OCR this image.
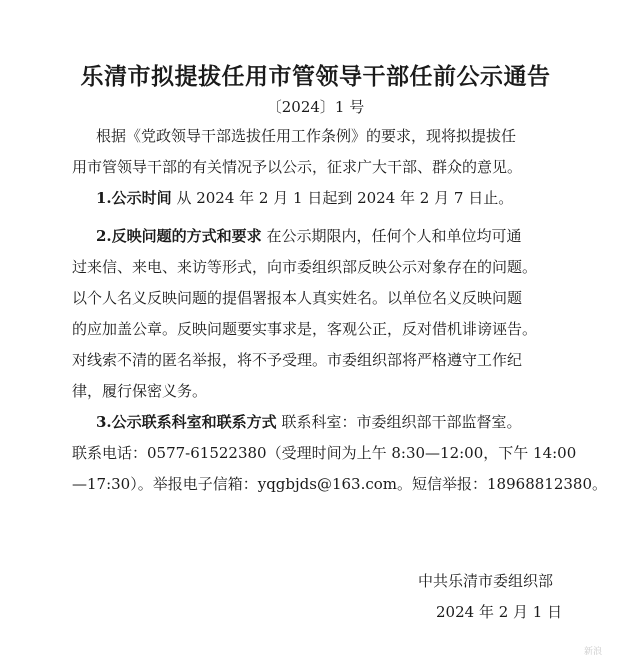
乐清市拟提拔任用市管领导干部任前公示通告
〔2024〕1 号
根据《党政领导干部选拔任用工作条例》的要求，现将拟提拔任
用市管领导干部的有关情况予以公示，征求广大干部、群众的意见。
1.公示时间 从 2024 年 2 月 1 日起到 2024 年 2 月 7 日止。
2.反映问题的方式和要求 在公示期限内，任何个人和单位均可通
过来信、来电、来访等形式，向市委组织部反映公示对象存在的问题。
以个人名义反映问题的提倡署报本人真实姓名。以单位名义反映问题
的应加盖公章。反映问题要实事求是，客观公正，反对借机诽谤诬告。
对线索不清的匿名举报，将不予受理。市委组织部将严格遵守工作纪
律，履行保密义务。
3.公示联系科室和联系方式 联系科室：市委组织部干部监督室。
联系电话：0577-61522380（受理时间为上午 8:30—12:00，下午 14:00
—17:30）。举报电子信箱：yqgbjds@163.com。短信举报：18968812380。
中共乐清市委组织部
2024 年 2 月 1 日
新浪
